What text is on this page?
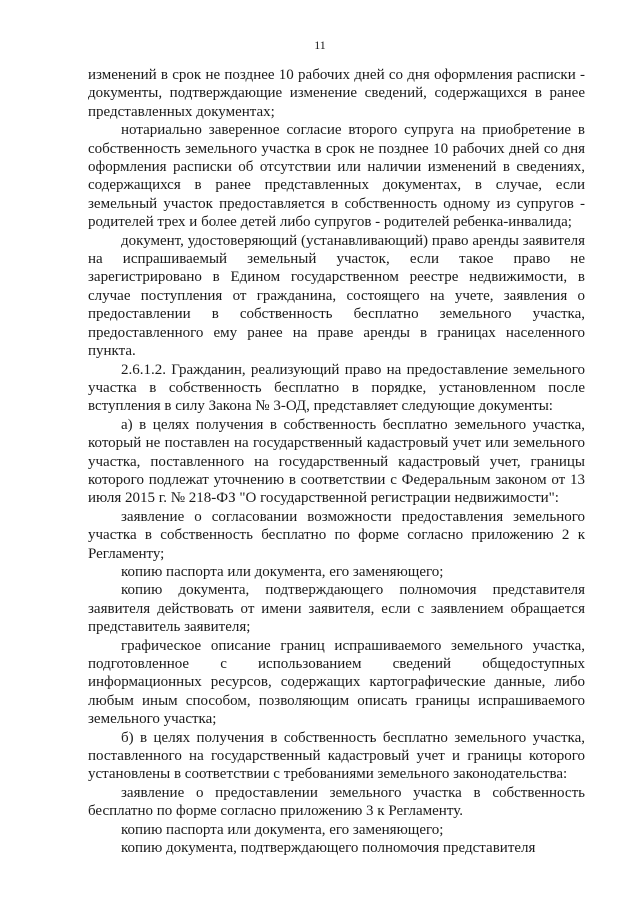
11

изменений в срок не позднее 10 рабочих дней со дня оформления расписки - документы, подтверждающие изменение сведений, содержащихся в ранее представленных документах;

нотариально заверенное согласие второго супруга на приобретение в собственность земельного участка в срок не позднее 10 рабочих дней со дня оформления расписки об отсутствии или наличии изменений в сведениях, содержащихся в ранее представленных документах, в случае, если земельный участок предоставляется в собственность одному из супругов - родителей трех и более детей либо супругов - родителей ребенка-инвалида;

документ, удостоверяющий (устанавливающий) право аренды заявителя на испрашиваемый земельный участок, если такое право не зарегистрировано в Едином государственном реестре недвижимости, в случае поступления от гражданина, состоящего на учете, заявления о предоставлении в собственность бесплатно земельного участка, предоставленного ему ранее на праве аренды в границах населенного пункта.

2.6.1.2. Гражданин, реализующий право на предоставление земельного участка в собственность бесплатно в порядке, установленном после вступления в силу Закона № 3-ОД, представляет следующие документы:

а) в целях получения в собственность бесплатно земельного участка, который не поставлен на государственный кадастровый учет или земельного участка, поставленного на государственный кадастровый учет, границы которого подлежат уточнению в соответствии с Федеральным законом от 13 июля 2015 г. № 218-ФЗ "О государственной регистрации недвижимости":

заявление о согласовании возможности предоставления земельного участка в собственность бесплатно по форме согласно приложению 2 к Регламенту;

копию паспорта или документа, его заменяющего;

копию документа, подтверждающего полномочия представителя заявителя действовать от имени заявителя, если с заявлением обращается представитель заявителя;

графическое описание границ испрашиваемого земельного участка, подготовленное с использованием сведений общедоступных информационных ресурсов, содержащих картографические данные, либо любым иным способом, позволяющим описать границы испрашиваемого земельного участка;

б) в целях получения в собственность бесплатно земельного участка, поставленного на государственный кадастровый учет и границы которого установлены в соответствии с требованиями земельного законодательства:

заявление о предоставлении земельного участка в собственность бесплатно по форме согласно приложению 3 к Регламенту.

копию паспорта или документа, его заменяющего;

копию документа, подтверждающего полномочия представителя
